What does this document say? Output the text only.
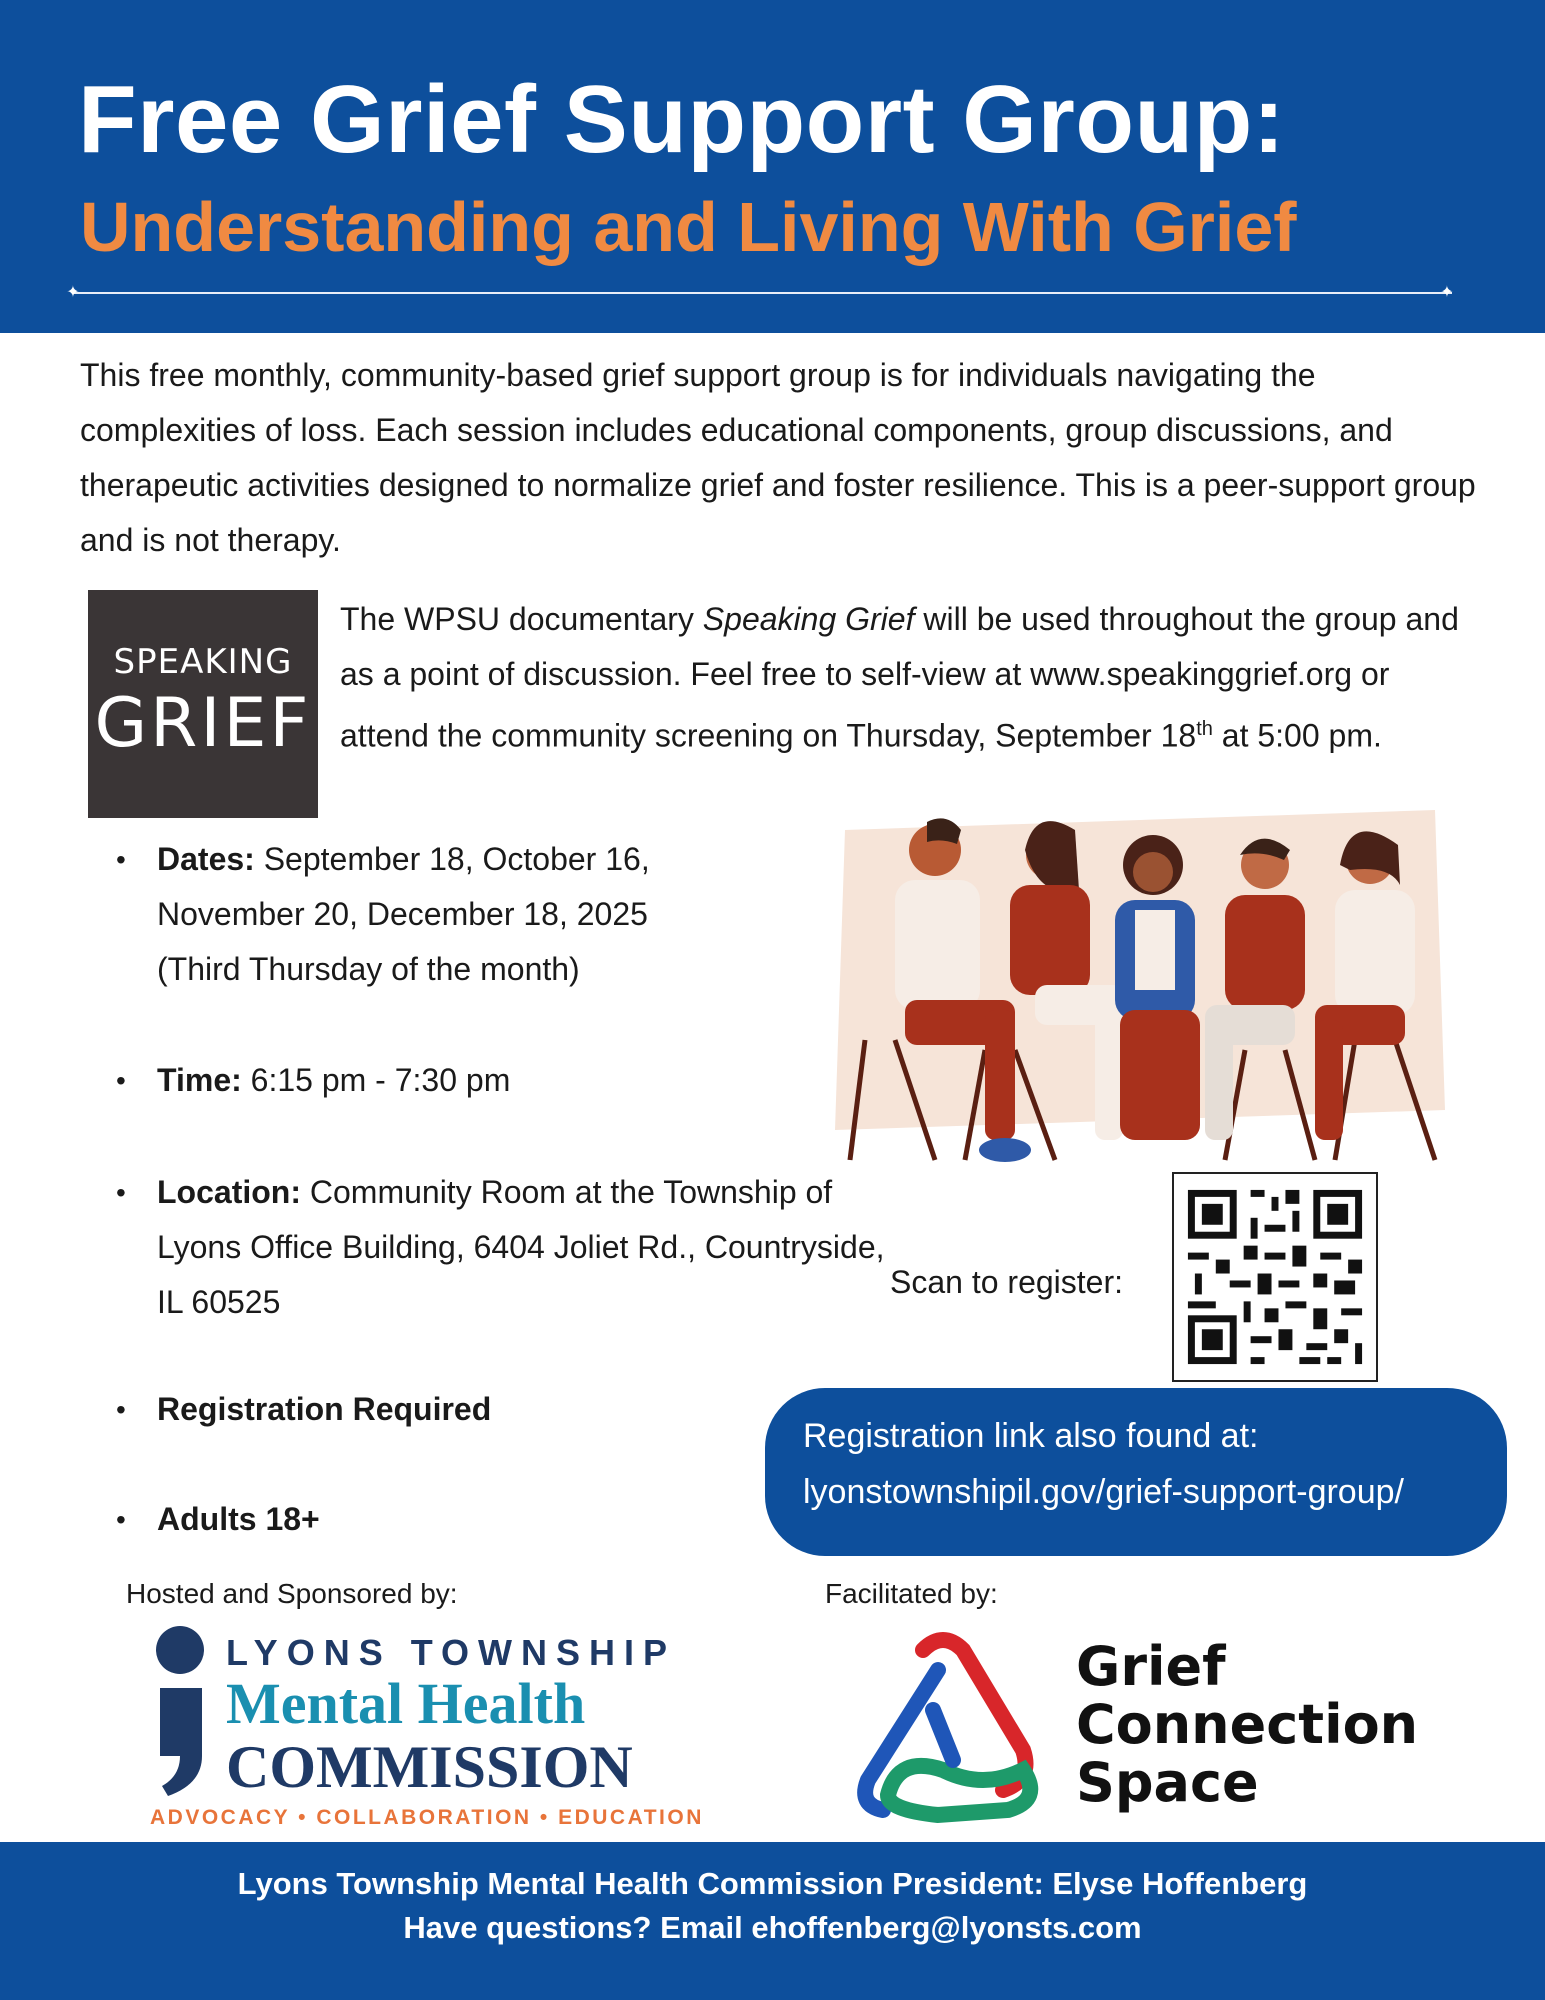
Free Grief Support Group:
Understanding and Living With Grief
✦	✦
This free monthly, community-based grief support group is for individuals navigating the complexities of loss. Each session includes educational components, group discussions, and therapeutic activities designed to normalize grief and foster resilience. This is a peer-support group and is not therapy.
SPEAKING
GRIEF
The WPSU documentary Speaking Grief will be used throughout the group and as a point of discussion. Feel free to self-view at www.speakinggrief.org or attend the community screening on Thursday, September 18th at 5:00 pm.
• Dates: September 18, October 16, November 20, December 18, 2025
(Third Thursday of the month)
• Time: 6:15 pm - 7:30 pm
• Location: Community Room at the Township of Lyons Office Building, 6404 Joliet Rd., Countryside, IL 60525
• Registration Required
• Adults 18+
Scan to register:
Registration link also found at:
lyonstownshipil.gov/grief-support-group/
Hosted and Sponsored by:	Facilitated by:
LYONS TOWNSHIP
Mental Health
COMMISSION
ADVOCACY • COLLABORATION • EDUCATION
Grief
Connection
Space
Lyons Township Mental Health Commission President: Elyse Hoffenberg
Have questions? Email ehoffenberg@lyonsts.com
